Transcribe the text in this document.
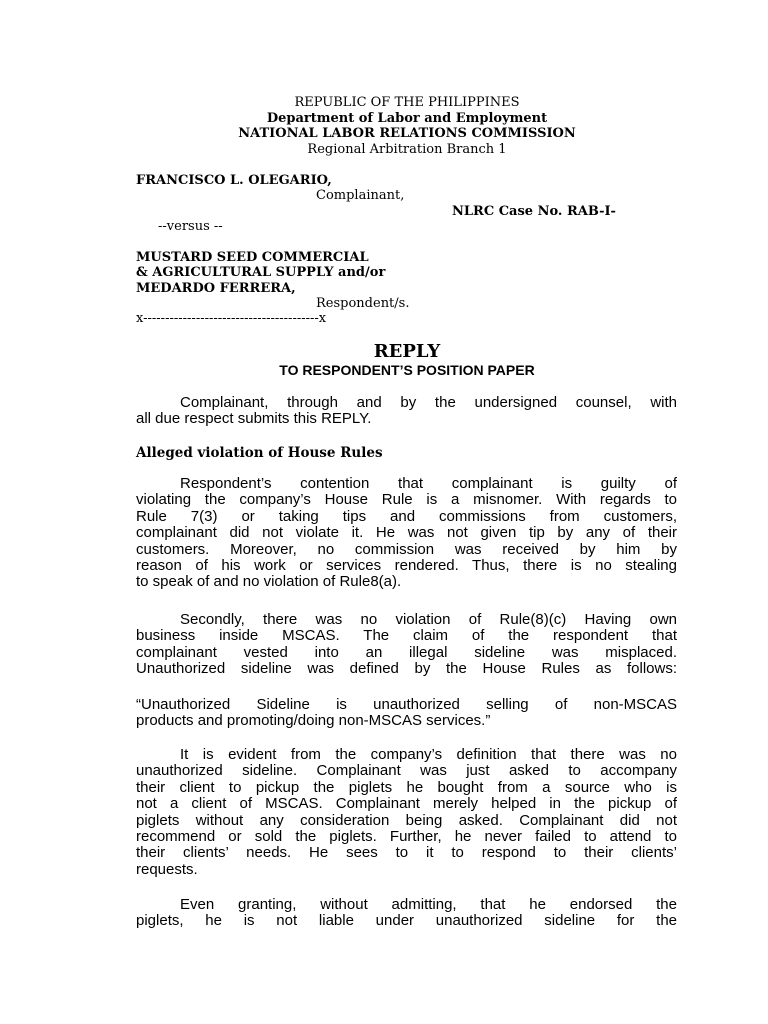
REPUBLIC OF THE PHILIPPINES
Department of Labor and Employment
NATIONAL LABOR RELATIONS COMMISSION
Regional Arbitration Branch 1
FRANCISCO L. OLEGARIO,
Complainant,
NLRC Case No. RAB-I-
--versus --
MUSTARD SEED COMMERCIAL
& AGRICULTURAL SUPPLY and/or
MEDARDO FERRERA,
Respondent/s.
x----------------------------------------x
REPLY
TO RESPONDENT’S POSITION PAPER
Complainant, through and by the undersigned counsel, with
all due respect submits this REPLY.
Alleged violation of House Rules
Respondent’s contention that complainant is guilty of
violating the company’s House Rule is a misnomer. With regards to
Rule 7(3) or taking tips and commissions from customers,
complainant did not violate it. He was not given tip by any of their
customers. Moreover, no commission was received by him by
reason of his work or services rendered. Thus, there is no stealing
to speak of and no violation of Rule8(a).
Secondly, there was no violation of Rule(8)(c) Having own
business inside MSCAS. The claim of the respondent that
complainant vested into an illegal sideline was misplaced.
Unauthorized sideline was defined by the House Rules as follows:
“Unauthorized Sideline is unauthorized selling of non-MSCAS
products and promoting/doing non-MSCAS services.”
It is evident from the company’s definition that there was no
unauthorized sideline. Complainant was just asked to accompany
their client to pickup the piglets he bought from a source who is
not a client of MSCAS. Complainant merely helped in the pickup of
piglets without any consideration being asked. Complainant did not
recommend or sold the piglets. Further, he never failed to attend to
their clients’ needs. He sees to it to respond to their clients’
requests.
Even granting, without admitting, that he endorsed the
piglets, he is not liable under unauthorized sideline for the
